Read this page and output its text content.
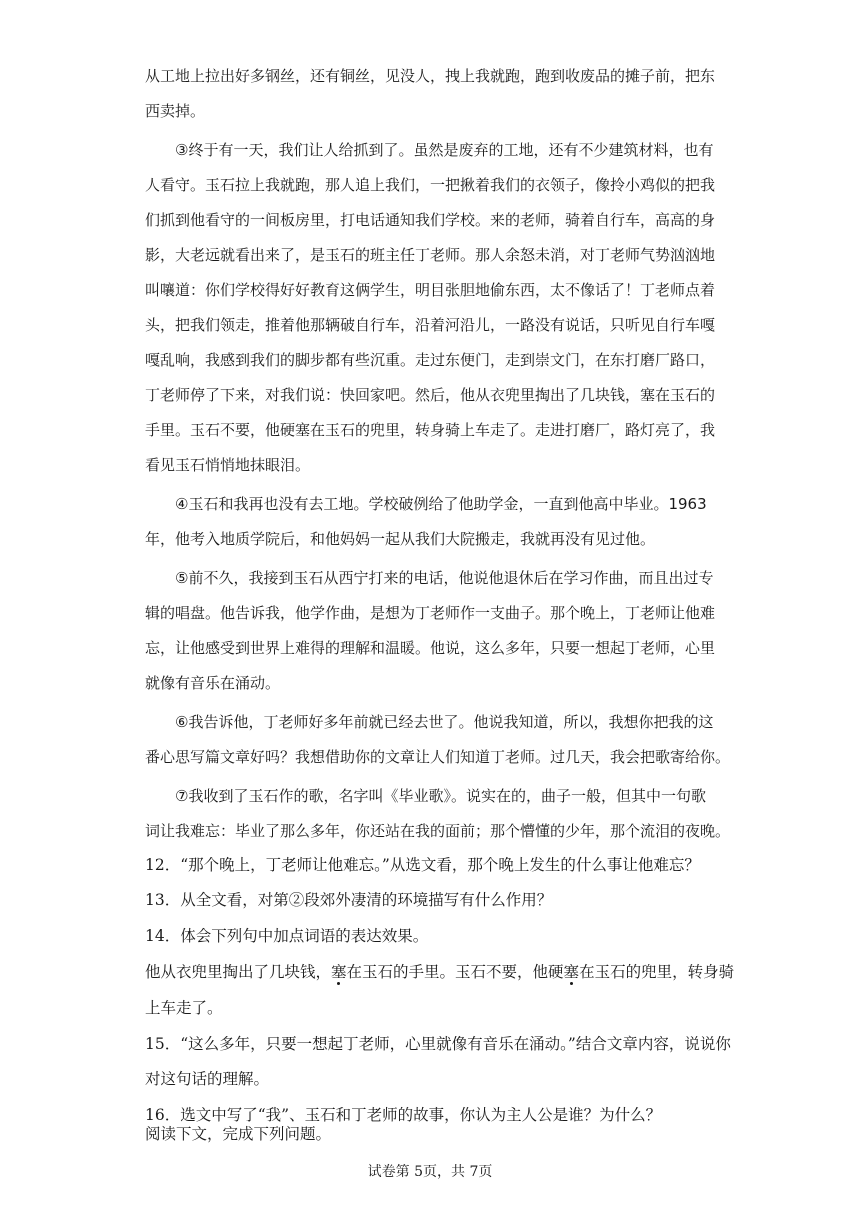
从工地上拉出好多钢丝，还有铜丝，见没人，拽上我就跑，跑到收废品的摊子前，把东
西卖掉。
③终于有一天，我们让人给抓到了。虽然是废弃的工地，还有不少建筑材料，也有
人看守。玉石拉上我就跑，那人追上我们，一把揪着我们的衣领子，像拎小鸡似的把我
们抓到他看守的一间板房里，打电话通知我们学校。来的老师，骑着自行车，高高的身
影，大老远就看出来了，是玉石的班主任丁老师。那人余怒未消，对丁老师气势汹汹地
叫嚷道：你们学校得好好教育这俩学生，明目张胆地偷东西，太不像话了！丁老师点着
头，把我们领走，推着他那辆破自行车，沿着河沿儿，一路没有说话，只听见自行车嘎
嘎乱响，我感到我们的脚步都有些沉重。走过东便门，走到崇文门，在东打磨厂路口，
丁老师停了下来，对我们说：快回家吧。然后，他从衣兜里掏出了几块钱，塞在玉石的
手里。玉石不要，他硬塞在玉石的兜里，转身骑上车走了。走进打磨厂，路灯亮了，我
看见玉石悄悄地抹眼泪。
④玉石和我再也没有去工地。学校破例给了他助学金，一直到他高中毕业。1963
年，他考入地质学院后，和他妈妈一起从我们大院搬走，我就再没有见过他。
⑤前不久，我接到玉石从西宁打来的电话，他说他退休后在学习作曲，而且出过专
辑的唱盘。他告诉我，他学作曲，是想为丁老师作一支曲子。那个晚上，丁老师让他难
忘，让他感受到世界上难得的理解和温暖。他说，这么多年，只要一想起丁老师，心里
就像有音乐在涌动。
⑥我告诉他，丁老师好多年前就已经去世了。他说我知道，所以，我想你把我的这
番心思写篇文章好吗？我想借助你的文章让人们知道丁老师。过几天，我会把歌寄给你。
⑦我收到了玉石作的歌，名字叫《毕业歌》。说实在的，曲子一般，但其中一句歌
词让我难忘：毕业了那么多年，你还站在我的面前；那个懵懂的少年，那个流泪的夜晚。
12．“那个晚上，丁老师让他难忘。”从选文看，那个晚上发生的什么事让他难忘？
13．从全文看，对第②段郊外凄清的环境描写有什么作用？
14．体会下列句中加点词语的表达效果。
他从衣兜里掏出了几块钱，塞在玉石的手里。玉石不要，他硬塞在玉石的兜里，转身骑
上车走了。
15．“这么多年，只要一想起丁老师，心里就像有音乐在涌动。”结合文章内容，说说你
对这句话的理解。
16．选文中写了“我”、玉石和丁老师的故事，你认为主人公是谁？为什么？
阅读下文，完成下列问题。
试卷第 5页，共 7页
